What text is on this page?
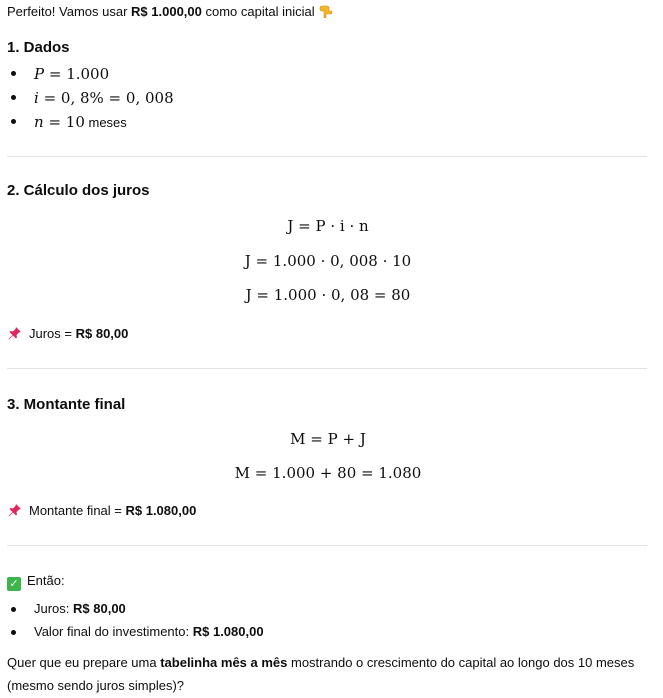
Perfeito! Vamos usar R$ 1.000,00 como capital inicial
1. Dados
P = 1.000
i = 0, 8% = 0, 008
n = 10 meses
2. Cálculo dos juros
J = P · i · n
J = 1.000 · 0, 008 · 10
J = 1.000 · 0, 08 = 80
Juros = R$ 80,00
3. Montante final
M = P + J
M = 1.000 + 80 = 1.080
Montante final = R$ 1.080,00
✓ Então:
Juros: R$ 80,00
Valor final do investimento: R$ 1.080,00
Quer que eu prepare uma tabelinha mês a mês mostrando o crescimento do capital ao longo dos 10 meses
(mesmo sendo juros simples)?
